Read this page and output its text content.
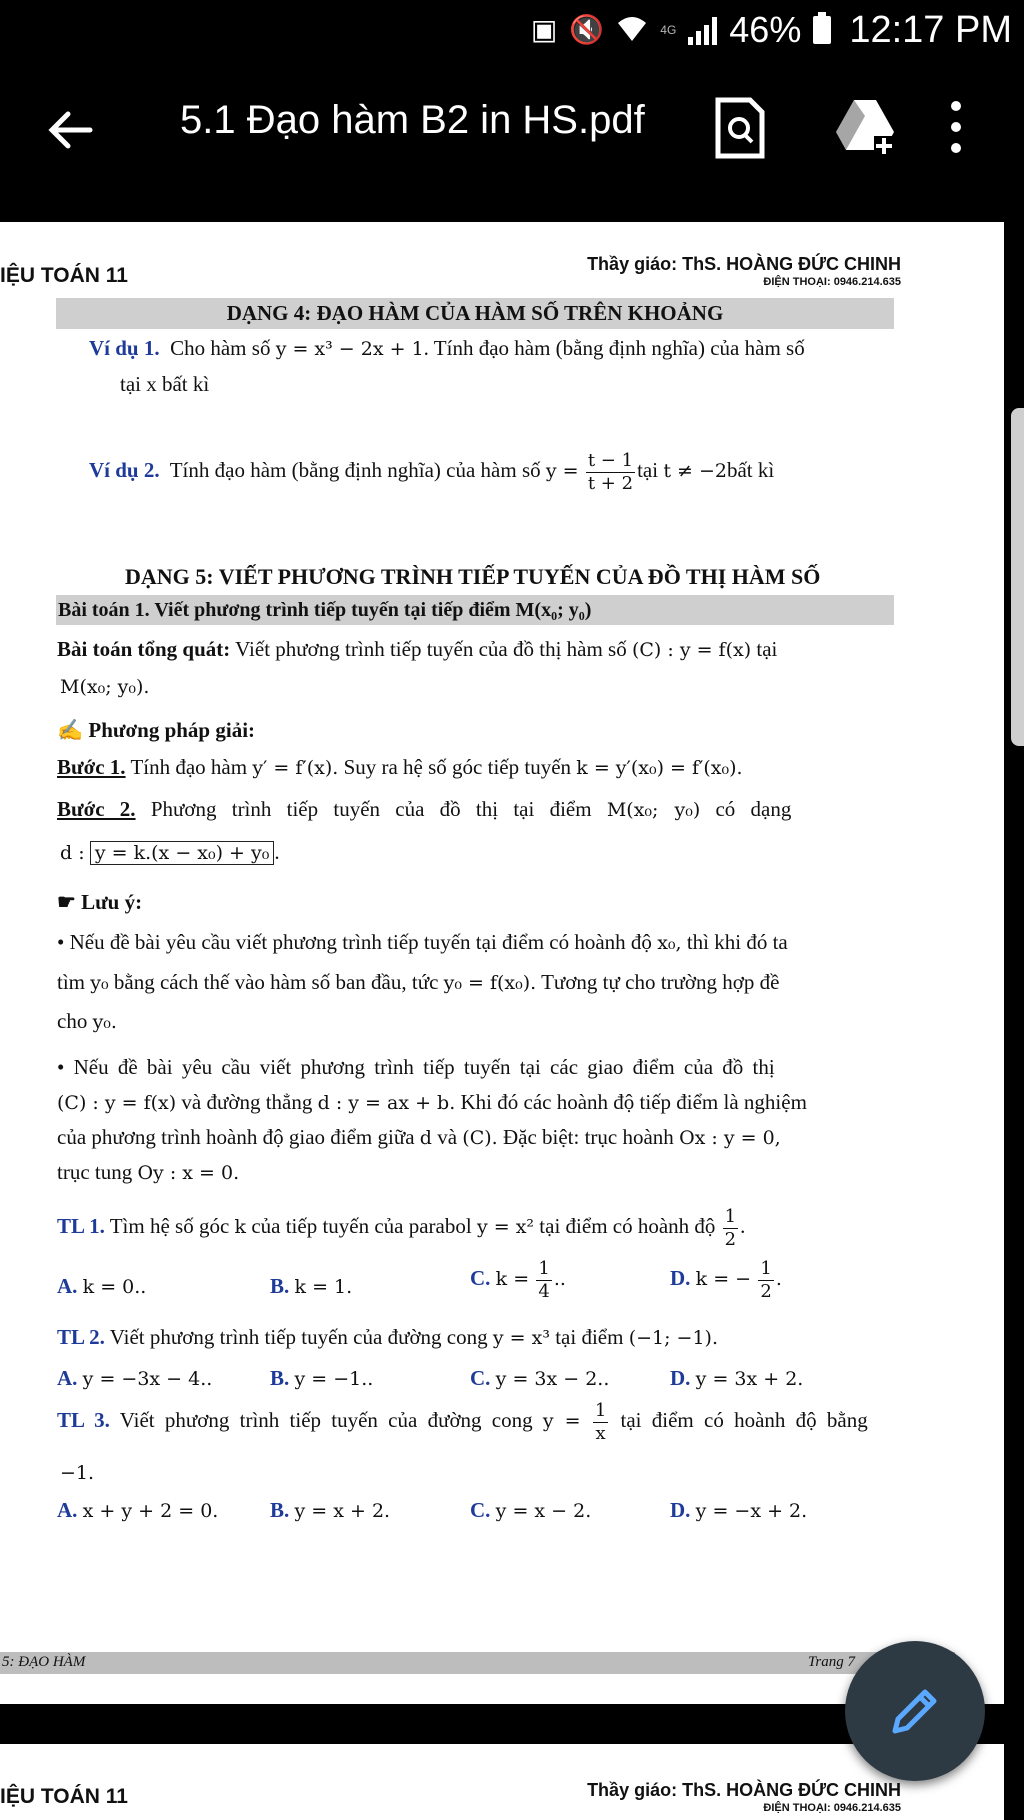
▣ 🔇	4G 46% 12:17 PM
5.1 Đạo hàm B2 in HS.pdf
IỆU TOÁN 11	Thầy giáo: ThS. HOÀNG ĐỨC CHINH
ĐIỆN THOẠI: 0946.214.635
DẠNG 4: ĐẠO HÀM CỦA HÀM SỐ TRÊN KHOẢNG
Ví dụ 1. Cho hàm số y = x³ − 2x + 1. Tính đạo hàm (bằng định nghĩa) của hàm số
tại x bất kì
Ví dụ 2. Tính đạo hàm (bằng định nghĩa) của hàm số $y = \frac{t - 1}{t + 2}$ tại t ≠ −2bất kì
DẠNG 5: VIẾT PHƯƠNG TRÌNH TIẾP TUYẾN CỦA ĐỒ THỊ HÀM SỐ
Bài toán 1. Viết phương trình tiếp tuyến tại tiếp điểm M(x₀; y₀)
Bài toán tổng quát: Viết phương trình tiếp tuyến của đồ thị hàm số (C) : y = f(x) tại
M(x₀; y₀).
✍ Phương pháp giải:
Bước 1. Tính đạo hàm y′ = f′(x). Suy ra hệ số góc tiếp tuyến k = y′(x₀) = f′(x₀).
Bước 2. Phương trình tiếp tuyến của đồ thị tại điểm M(x₀; y₀) có dạng
d : y = k.(x − x₀) + y₀ .
☛ Lưu ý:
• Nếu đề bài yêu cầu viết phương trình tiếp tuyến tại điểm có hoành độ x₀, thì khi đó ta
tìm y₀ bằng cách thế vào hàm số ban đầu, tức y₀ = f(x₀). Tương tự cho trường hợp đề
cho y₀.
• Nếu đề bài yêu cầu viết phương trình tiếp tuyến tại các giao điểm của đồ thị
(C) : y = f(x) và đường thẳng d : y = ax + b. Khi đó các hoành độ tiếp điểm là nghiệm
của phương trình hoành độ giao điểm giữa d và (C). Đặc biệt: trục hoành Ox : y = 0,
trục tung Oy : x = 0.
TL 1. Tìm hệ số góc k của tiếp tuyến của parabol y = x² tại điểm có hoành độ $\frac{1}{2}$ .
A. k = 0..	B. k = 1.	C. $k = \frac{1}{4}$ ..	D. k = − $\frac{1}{2}$ .
TL 2. Viết phương trình tiếp tuyến của đường cong y = x³ tại điểm (−1; −1).
A. y = −3x − 4..	B. y = −1..	C. y = 3x − 2..	D. y = 3x + 2.
TL 3. Viết phương trình tiếp tuyến của đường cong $y = \frac{1}{x}$ tại điểm có hoành độ bằng
−1.
A. x + y + 2 = 0. B. y = x + 2.	C. y = x − 2.	D. y = −x + 2.
5: ĐẠO HÀM	Trang 7
IỆU TOÁN 11	Thầy giáo: ThS. HOÀNG ĐỨC CHINH
ĐIỆN THOẠI: 0946.214.635
